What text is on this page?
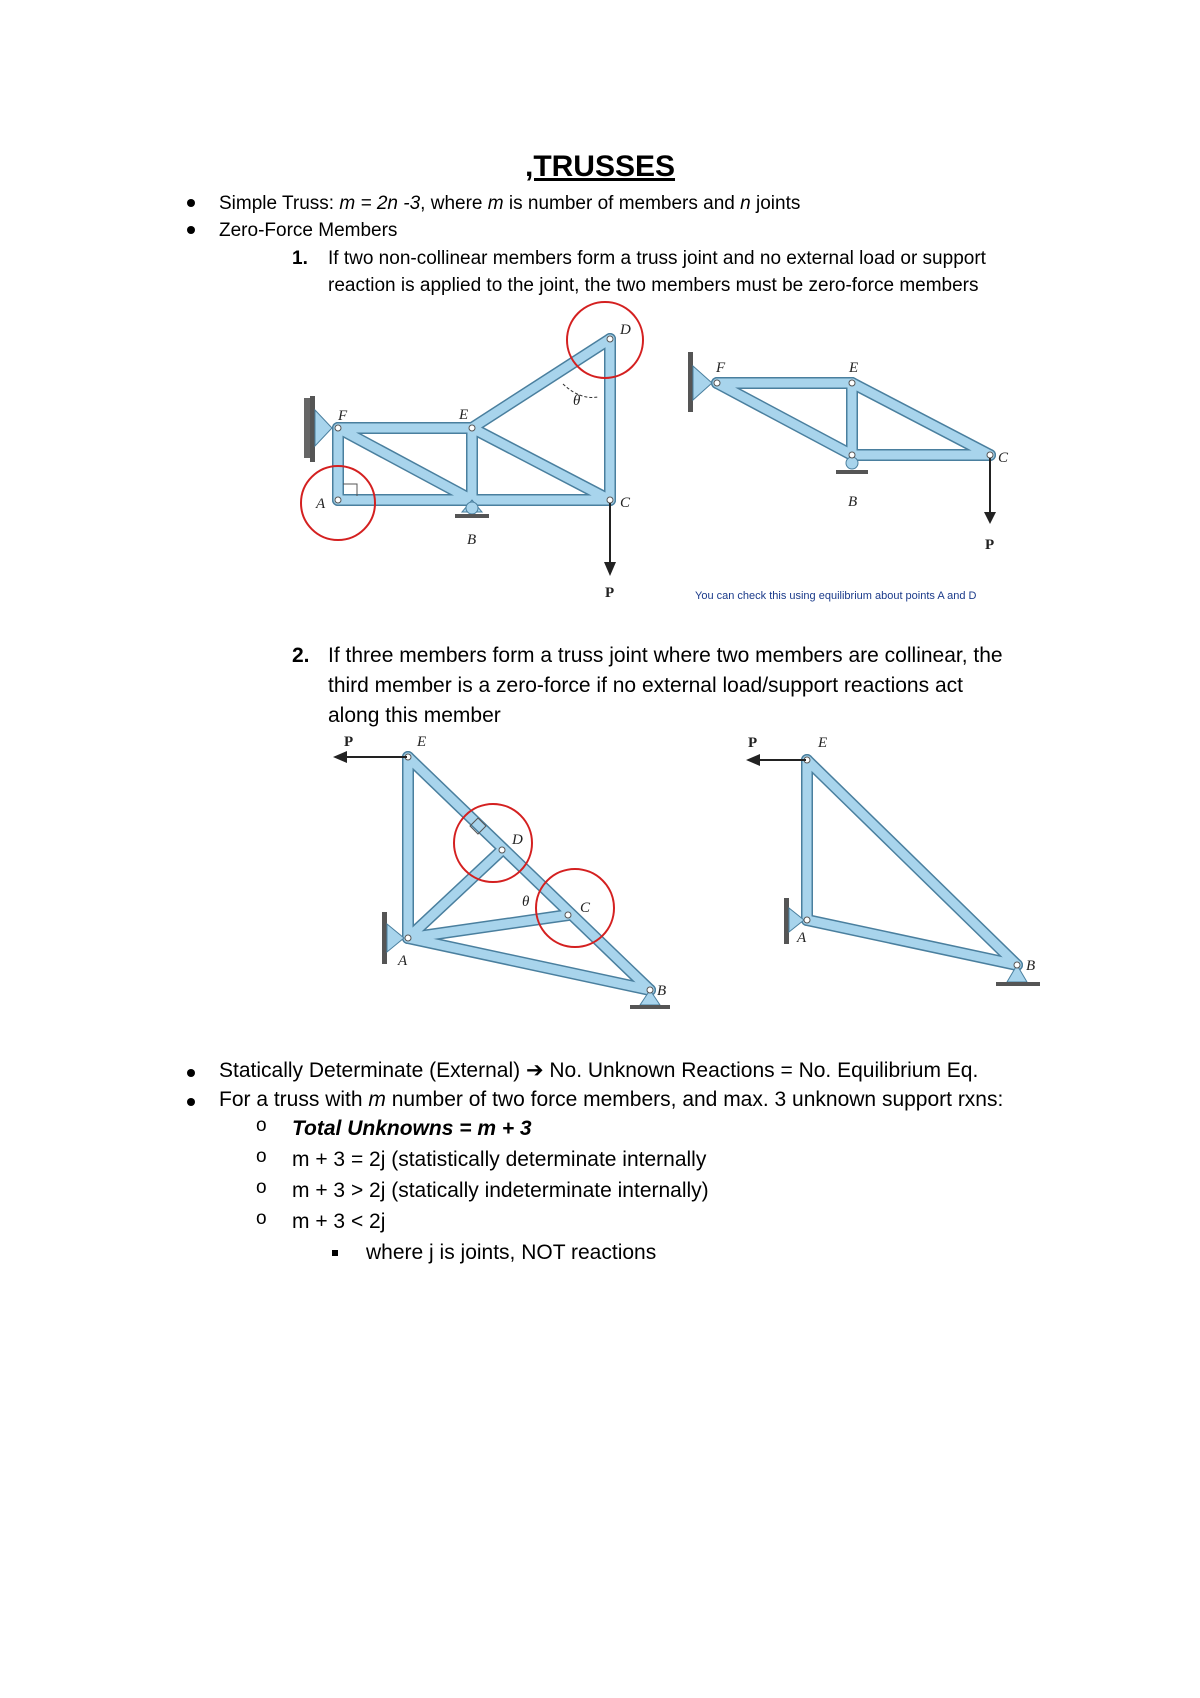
,TRUSSES
Simple Truss: m = 2n -3, where m is number of members and n joints
Zero-Force Members
1. If two non-collinear members form a truss joint and no external load or support
reaction is applied to the joint, the two members must be zero-force members
D
F	E
θ
A	C
B
P
F	E
C
B
P
You can check this using equilibrium about points A and D
2. If three members form a truss joint where two members are collinear, the
third member is a zero-force if no external load/support reactions act
along this member
P	E
D
θ	C
A
B
P	E
A
B
Statically Determinate (External) ➔ No. Unknown Reactions = No. Equilibrium Eq.
For a truss with m number of two force members, and max. 3 unknown support rxns:
o Total Unknowns = m + 3
o m + 3 = 2j (statistically determinate internally
o m + 3 > 2j (statically indeterminate internally)
o m + 3 < 2j
where j is joints, NOT reactions
